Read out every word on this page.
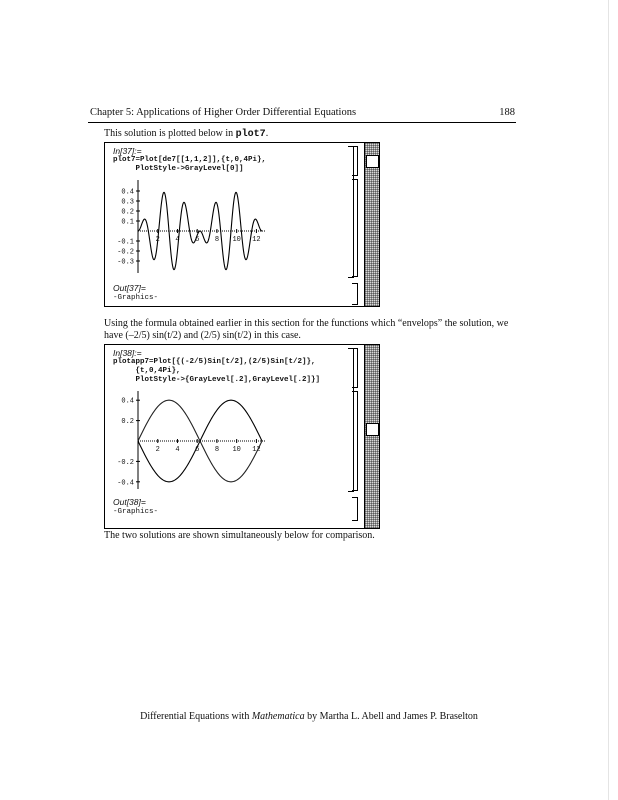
Chapter 5: Applications of Higher Order Differential Equations	188
This solution is plotted below in plot7.
In[37]:=
plot7=Plot[de7[[1,1,2]],{t,0,4Pi},
PlotStyle->GrayLevel[0]]
2 4 6 8 10 12
0.4
0.3
0.2
0.1
-0.1
-0.2
-0.3
Out[37]=
-Graphics-
Using the formula obtained earlier in this section for the functions which “envelops” the solution, we
have (–2/5) sin(t/2) and (2/5) sin(t/2) in this case.
In[38]:=
plotapp7=Plot[{(-2/5)Sin[t/2],(2/5)Sin[t/2]},
{t,0,4Pi},
PlotStyle->{GrayLevel[.2],GrayLevel[.2]}]
2 4 6 8 10 12
0.4
0.2
-0.2
-0.4
Out[38]=
-Graphics-
The two solutions are shown simultaneously below for comparison.
Differential Equations with Mathematica by Martha L. Abell and James P. Braselton
